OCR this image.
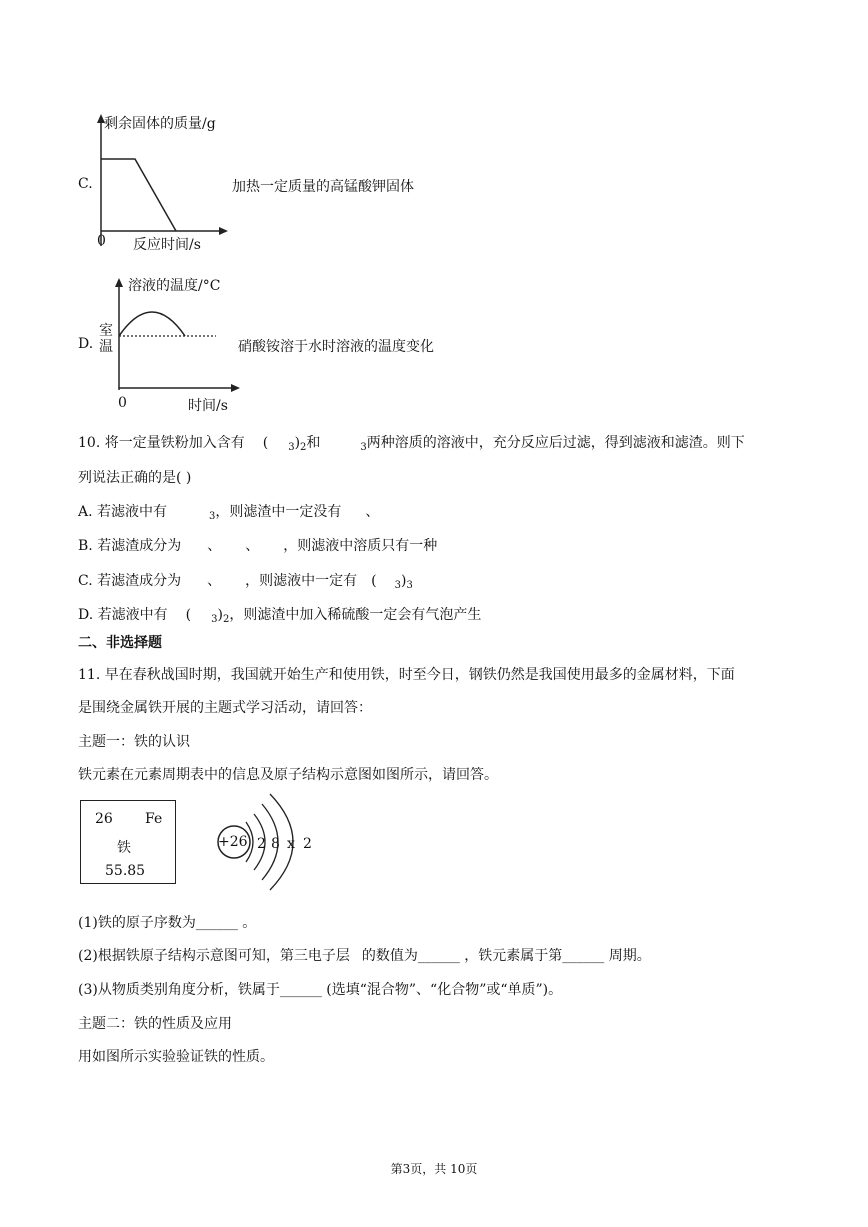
C.
剩余固体的质量/g
0 反应时间/s
加热一定质量的高锰酸钾固体
D.
溶液的温度/°C
室
温
0	时间/s
硝酸铵溶于水时溶液的温度变化
10. 将一定量铁粉加入含有 ( $_3)_2$和	$_3$两种溶质的溶液中，充分反应后过滤，得到滤液和滤渣。则下
列说法正确的是( )
A. 若滤液中有	$_3$，则滤渣中一定没有 、
B. 若滤渣成分为 、 、 ，则滤液中溶质只有一种
C. 若滤渣成分为 、 ，则滤液中一定有 ( $_3)_3$
D. 若滤液中有 ( $_3)_2$，则滤渣中加入稀硫酸一定会有气泡产生
二、非选择题
11. 早在春秋战国时期，我国就开始生产和使用铁，时至今日，钢铁仍然是我国使用最多的金属材料，下面
是围绕金属铁开展的主题式学习活动，请回答：
主题一：铁的认识
铁元素在元素周期表中的信息及原子结构示意图如图所示，请回答。
26 Fe
铁
55.85
+26 2 8 x 2
(1)铁的原子序数为______ 。
(2)根据铁原子结构示意图可知，第三电子层 的数值为______ ，铁元素属于第______ 周期。
(3)从物质类别角度分析，铁属于______ (选填“混合物”、“化合物”或“单质”)。
主题二：铁的性质及应用
用如图所示实验验证铁的性质。
第3页，共 10页
